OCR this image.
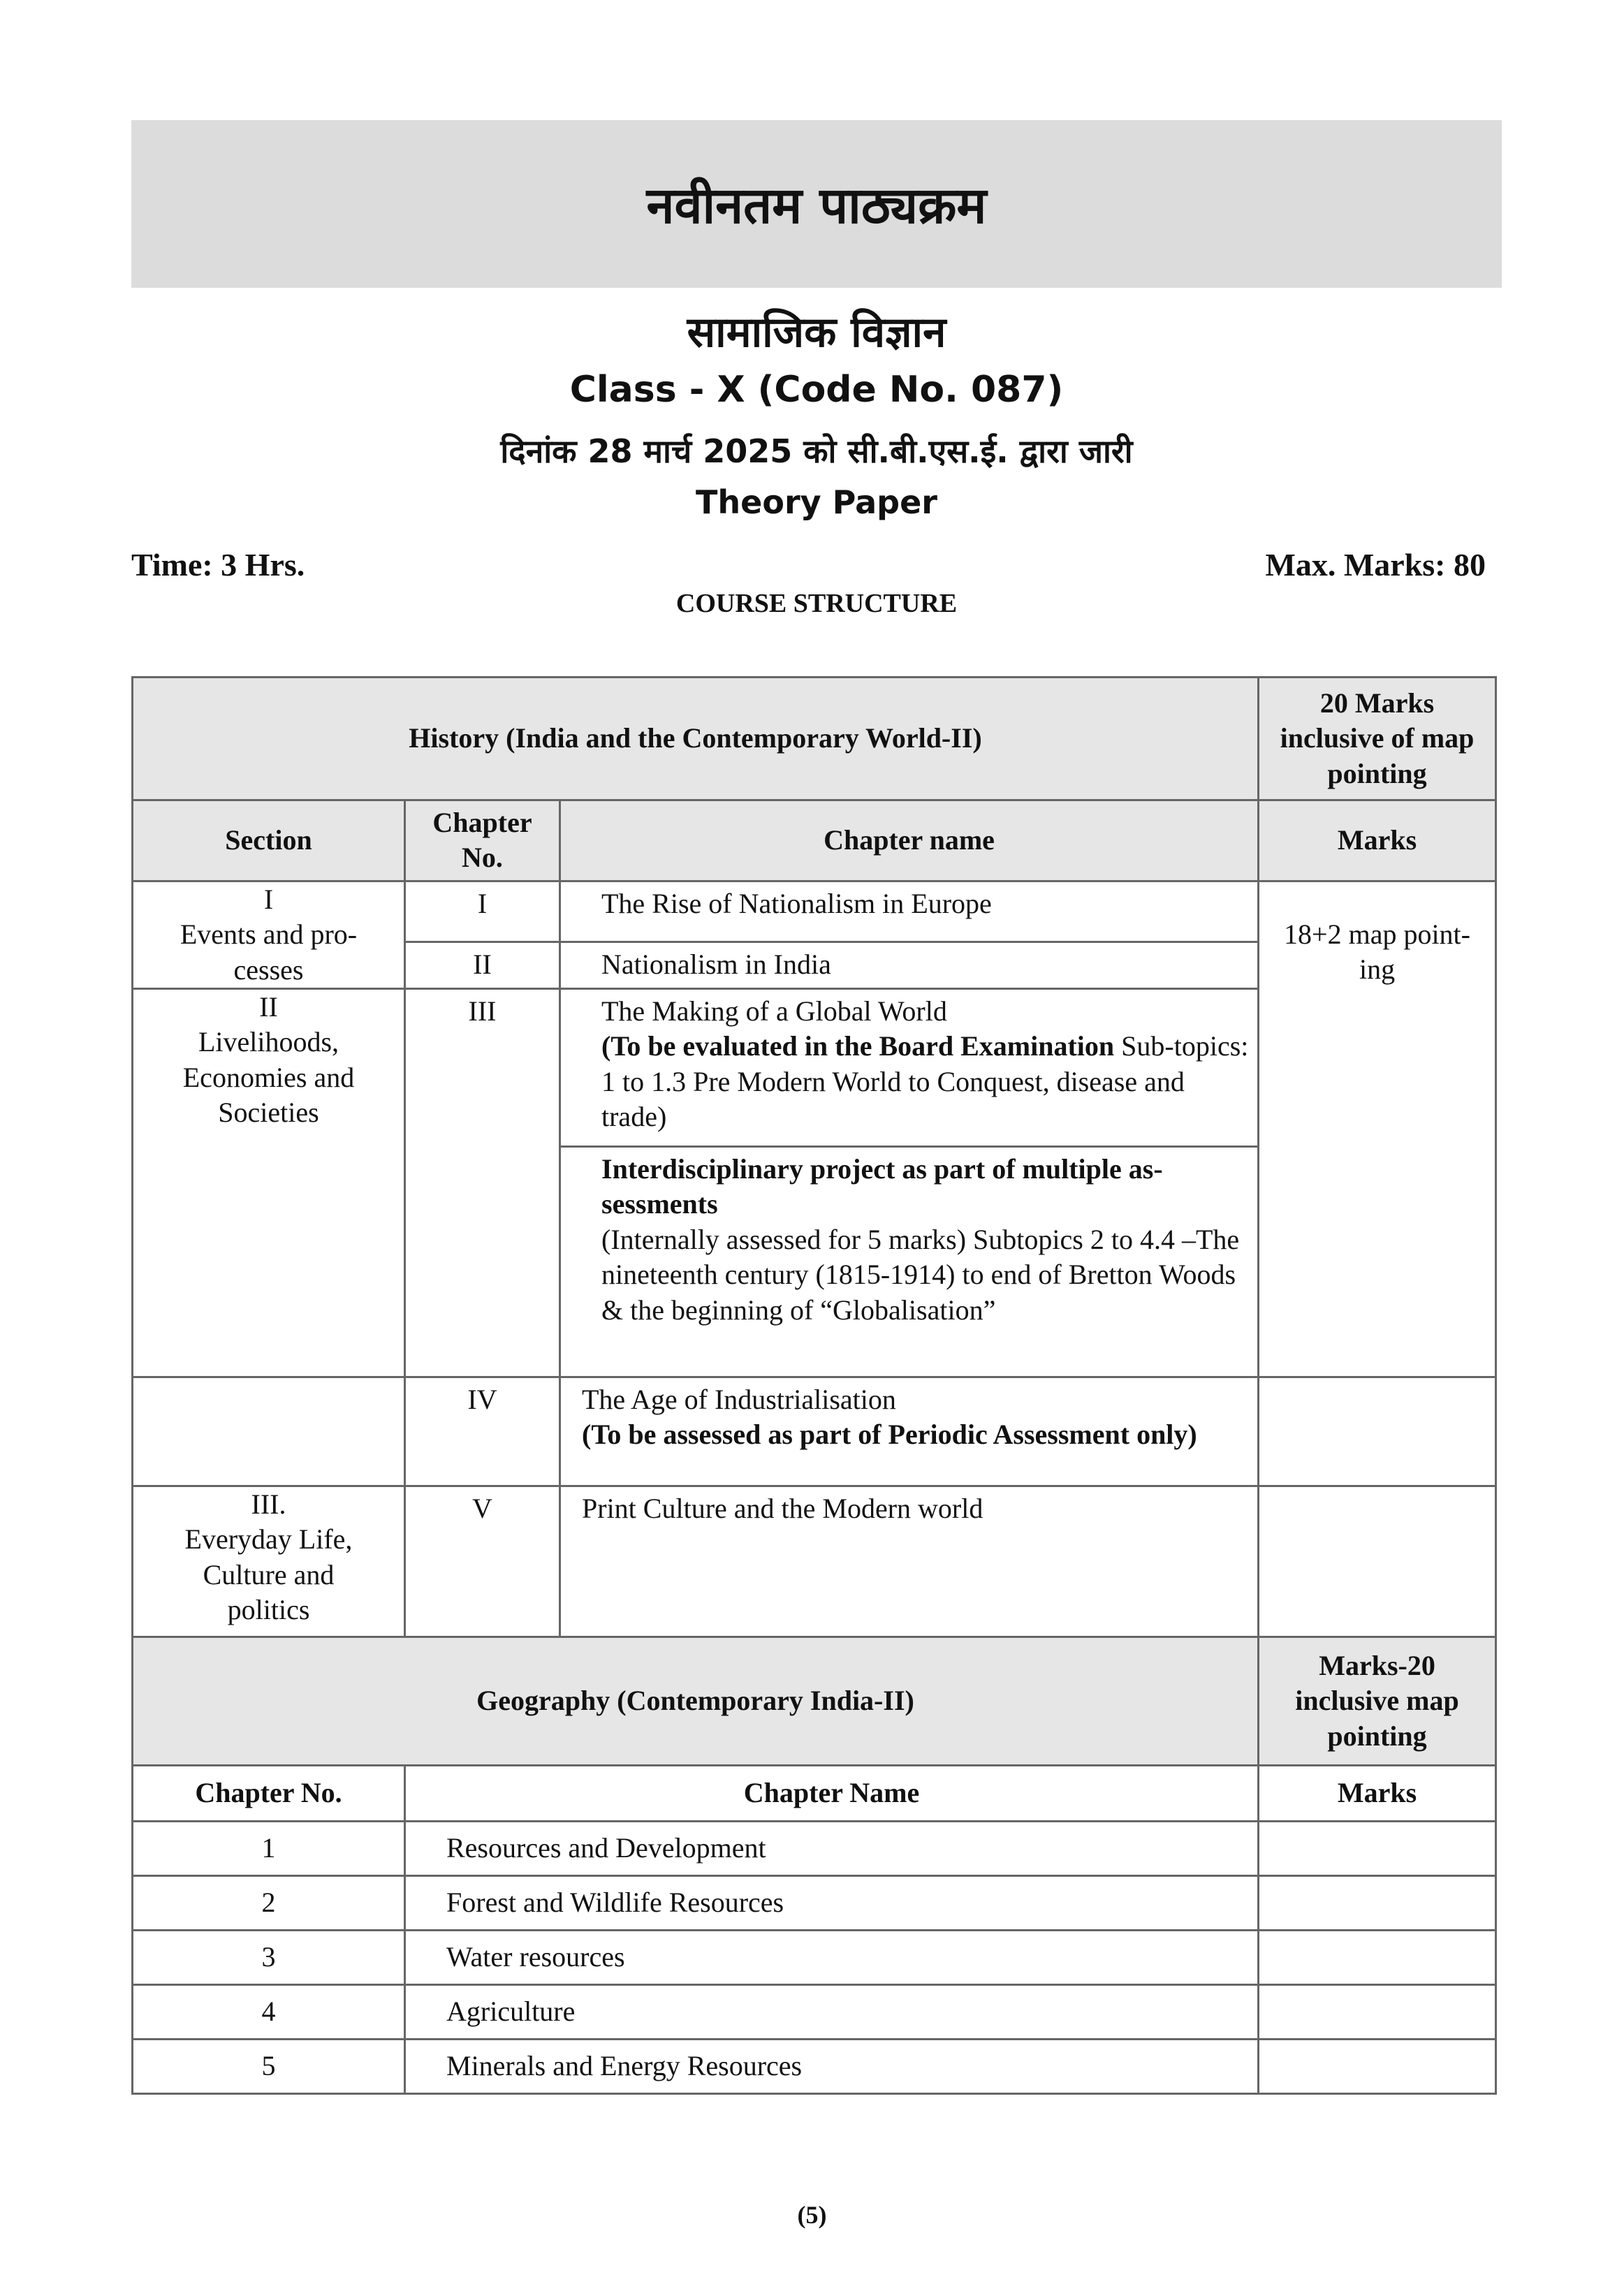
नवीनतम पाठ्यक्रम
सामाजिक विज्ञान
Class - X (Code No. 087)
दिनांक 28 मार्च 2025 को सी.बी.एस.ई. द्वारा जारी
Theory Paper
Time: 3 Hrs.	Max. Marks: 80
COURSE STRUCTURE
History (India and the Contemporary World-II)			20 Marks inclusive of map pointing	
Section	Chapter No.	Chapter name	Marks	
I
Events and pro-
cesses	I	The Rise of Nationalism in Europe	18+2 map point-ing	
	II	Nationalism in India		
II
Livelihoods,
Economies and
Societies	III	The Making of a Global World
(To be evaluated in the Board Examination Sub-topics: 1 to 1.3 Pre Modern World to Conquest, disease and trade)		
		Interdisciplinary project as part of multiple as-sessments
(Internally assessed for 5 marks) Subtopics 2 to 4.4 –The nineteenth century (1815-1914) to end of Bretton Woods & the beginning of “Globalisation”		
	IV	The Age of Industrialisation
(To be assessed as part of Periodic Assessment only)		
III.
Everyday Life,
Culture and
politics	V	Print Culture and the Modern world		
Geography (Contemporary India-II)			Marks-20 inclusive map pointing	
Chapter No.	Chapter Name		Marks	
1	Resources and Development			
2	Forest and Wildlife Resources			
3	Water resources			
4	Agriculture			
5	Minerals and Energy Resources			
(5)
